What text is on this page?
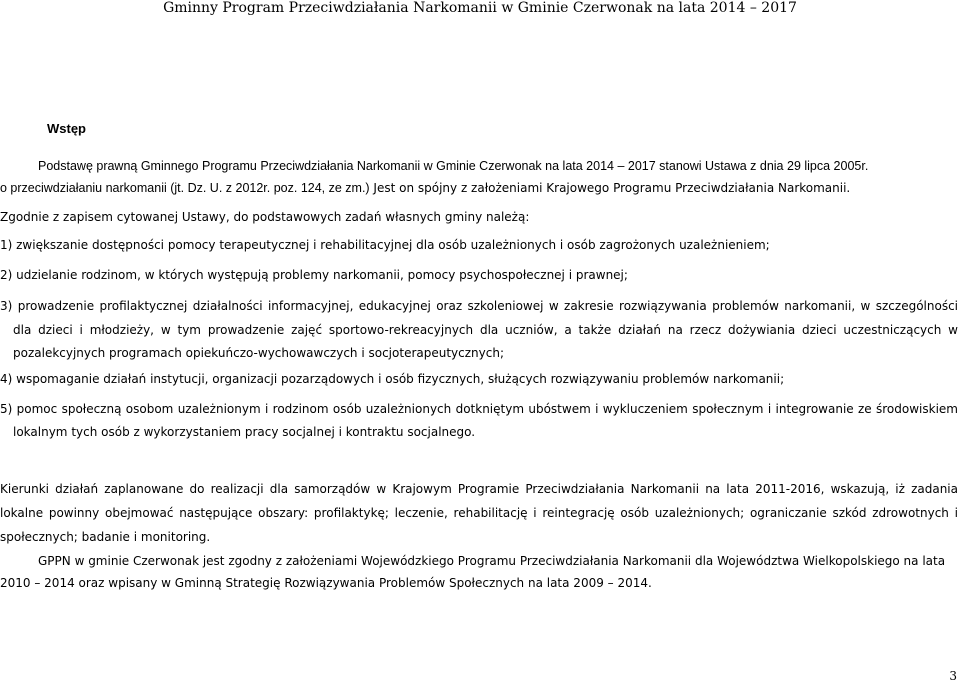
Gminny Program Przeciwdziałania Narkomanii w Gminie Czerwonak na lata 2014 – 2017
Wstęp
Podstawę prawną Gminnego Programu Przeciwdziałania Narkomanii w Gminie Czerwonak na lata 2014 – 2017 stanowi Ustawa z dnia 29 lipca 2005r.
o przeciwdziałaniu narkomanii (jt. Dz. U. z 2012r. poz. 124, ze zm.) Jest on spójny z założeniami Krajowego Programu Przeciwdziałania Narkomanii.
Zgodnie z zapisem cytowanej Ustawy, do podstawowych zadań własnych gminy należą:
1) zwiększanie dostępności pomocy terapeutycznej i rehabilitacyjnej dla osób uzależnionych i osób zagrożonych uzależnieniem;
2) udzielanie rodzinom, w których występują problemy narkomanii, pomocy psychospołecznej i prawnej;
3) prowadzenie profilaktycznej działalności informacyjnej, edukacyjnej oraz szkoleniowej w zakresie rozwiązywania problemów narkomanii, w szczególności dla dzieci i młodzieży, w tym prowadzenie zajęć sportowo-rekreacyjnych dla uczniów, a także działań na rzecz dożywiania dzieci uczestniczących w pozalekcyjnych programach opiekuńczo-wychowawczych i socjoterapeutycznych;
4) wspomaganie działań instytucji, organizacji pozarządowych i osób fizycznych, służących rozwiązywaniu problemów narkomanii;
5) pomoc społeczną osobom uzależnionym i rodzinom osób uzależnionych dotkniętym ubóstwem i wykluczeniem społecznym i integrowanie ze środowiskiem lokalnym tych osób z wykorzystaniem pracy socjalnej i kontraktu socjalnego.
Kierunki działań zaplanowane do realizacji dla samorządów w Krajowym Programie Przeciwdziałania Narkomanii na lata 2011-2016, wskazują, iż zadania lokalne powinny obejmować następujące obszary: profilaktykę; leczenie, rehabilitację i reintegrację osób uzależnionych; ograniczanie szkód zdrowotnych i społecznych; badanie i monitoring.
GPPN w gminie Czerwonak jest zgodny z założeniami Wojewódzkiego Programu Przeciwdziałania Narkomanii dla Województwa Wielkopolskiego na lata
2010 – 2014 oraz wpisany w Gminną Strategię Rozwiązywania Problemów Społecznych na lata 2009 – 2014.
3
